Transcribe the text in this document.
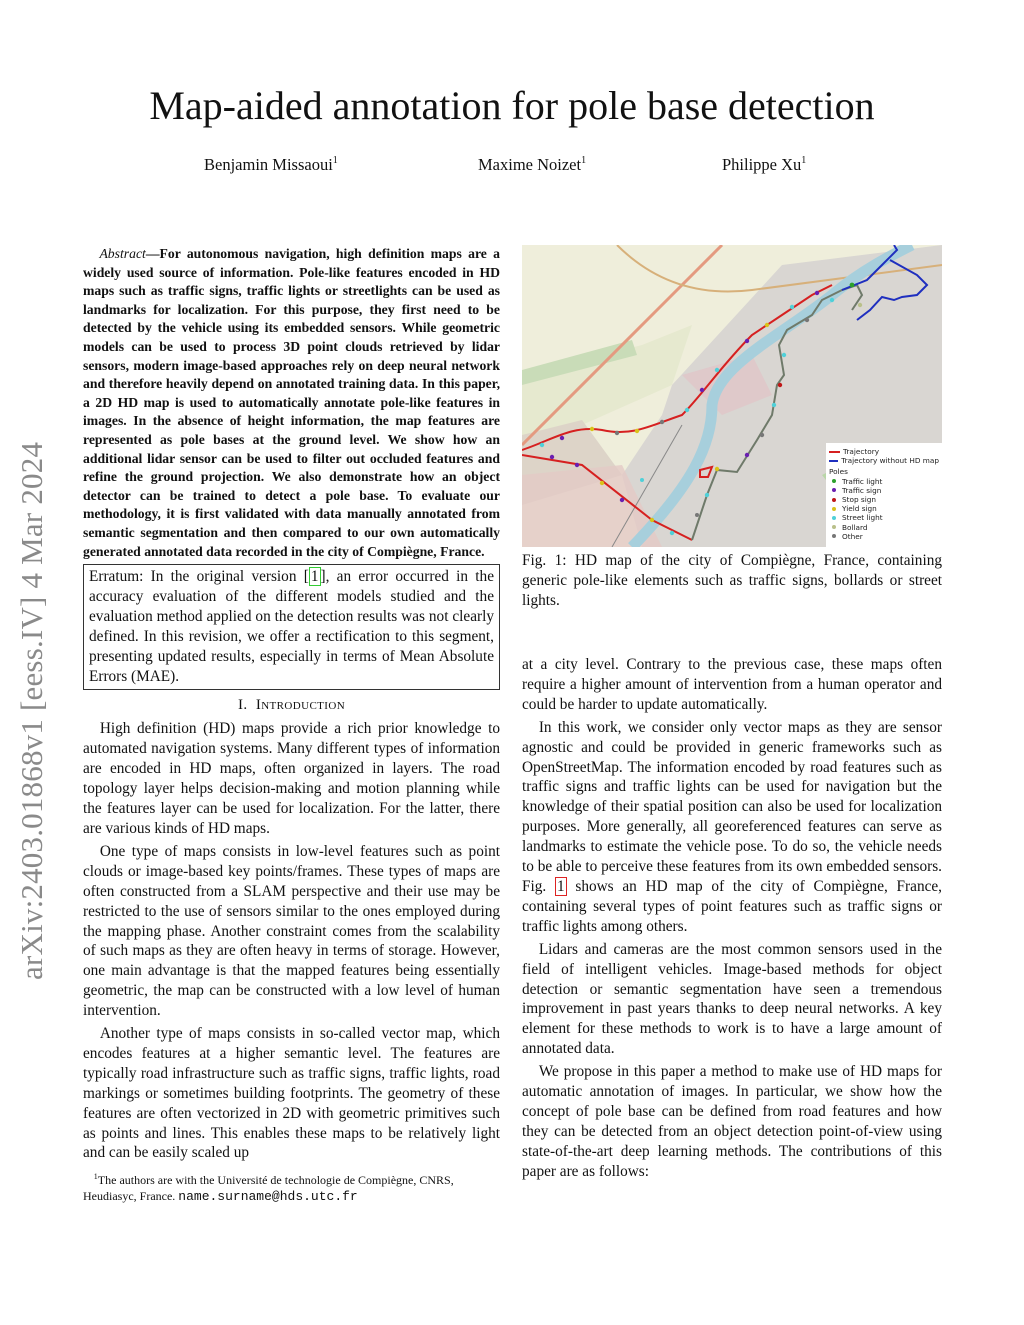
arXiv:2403.01868v1 [eess.IV] 4 Mar 2024
Map-aided annotation for pole base detection
Benjamin Missaoui$^1$	Maxime Noizet$^1$	Philippe Xu$^1$

Abstract—For autonomous navigation, high definition maps are a widely used source of information. Pole-like features encoded in HD maps such as traffic signs, traffic lights or streetlights can be used as landmarks for localization. For this purpose, they first need to be detected by the vehicle using its embedded sensors. While geometric models can be used to process 3D point clouds retrieved by lidar sensors, modern image-based approaches rely on deep neural network and therefore heavily depend on annotated training data. In this paper, a 2D HD map is used to automatically annotate pole-like features in images. In the absence of height information, the map features are represented as pole bases at the ground level. We show how an additional lidar sensor can be used to filter out occluded features and refine the ground projection. We also demonstrate how an object detector can be trained to detect a pole base. To evaluate our methodology, it is first validated with data manually annotated from semantic segmentation and then compared to our own automatically generated annotated data recorded in the city of Compiègne, France.

Erratum: In the original version [ 1 ], an error occurred in the accuracy evaluation of the different models studied and the evaluation method applied on the detection results was not clearly defined. In this revision, we offer a rectification to this segment, presenting updated results, especially in terms of Mean Absolute Errors (MAE).
I. Introduction

High definition (HD) maps provide a rich prior knowledge to automated navigation systems. Many different types of information are encoded in HD maps, often organized in layers. The road topology layer helps decision-making and motion planning while the features layer can be used for localization. For the latter, there are various kinds of HD maps.

One type of maps consists in low-level features such as point clouds or image-based key points/frames. These types of maps are often constructed from a SLAM perspective and their use may be restricted to the use of sensors similar to the ones employed during the mapping phase. Another constraint comes from the scalability of such maps as they are often heavy in terms of storage. However, one main advantage is that the mapped features being essentially geometric, the map can be constructed with a low level of human intervention.

Another type of maps consists in so-called vector map, which encodes features at a higher semantic level. The features are typically road infrastructure such as traffic signs, traffic lights, road markings or sometimes building footprints. The geometry of these features are often vectorized in 2D with geometric primitives such as points and lines. This enables these maps to be relatively light and can be easily scaled up

$^1$The authors are with the Université de technologie de Compiègne, CNRS, Heudiasyc, France. name.surname@hds.utc.fr
Trajectory
Trajectory without HD map
Poles
Traffic light
Traffic sign
Stop sign
Yield sign
Street light
Bollard
Other
Fig. 1: HD map of the city of Compiègne, France, containing generic pole-like elements such as traffic signs, bollards or street lights.

at a city level. Contrary to the previous case, these maps often require a higher amount of intervention from a human operator and could be harder to update automatically.

In this work, we consider only vector maps as they are sensor agnostic and could be provided in generic frameworks such as OpenStreetMap. The information encoded by road features such as traffic signs and traffic lights can be used for navigation but the knowledge of their spatial position can also be used for localization purposes. More generally, all georeferenced features can serve as landmarks to estimate the vehicle pose. To do so, the vehicle needs to be able to perceive these features from its own embedded sensors. Fig. 1 shows an HD map of the city of Compiègne, France, containing several types of point features such as traffic signs or traffic lights among others.

Lidars and cameras are the most common sensors used in the field of intelligent vehicles. Image-based methods for object detection or semantic segmentation have seen a tremendous improvement in past years thanks to deep neural networks. A key element for these methods to work is to have a large amount of annotated data.

We propose in this paper a method to make use of HD maps for automatic annotation of images. In particular, we show how the concept of pole base can be defined from road features and how they can be detected from an object detection point-of-view using state-of-the-art deep learning methods. The contributions of this paper are as follows:
